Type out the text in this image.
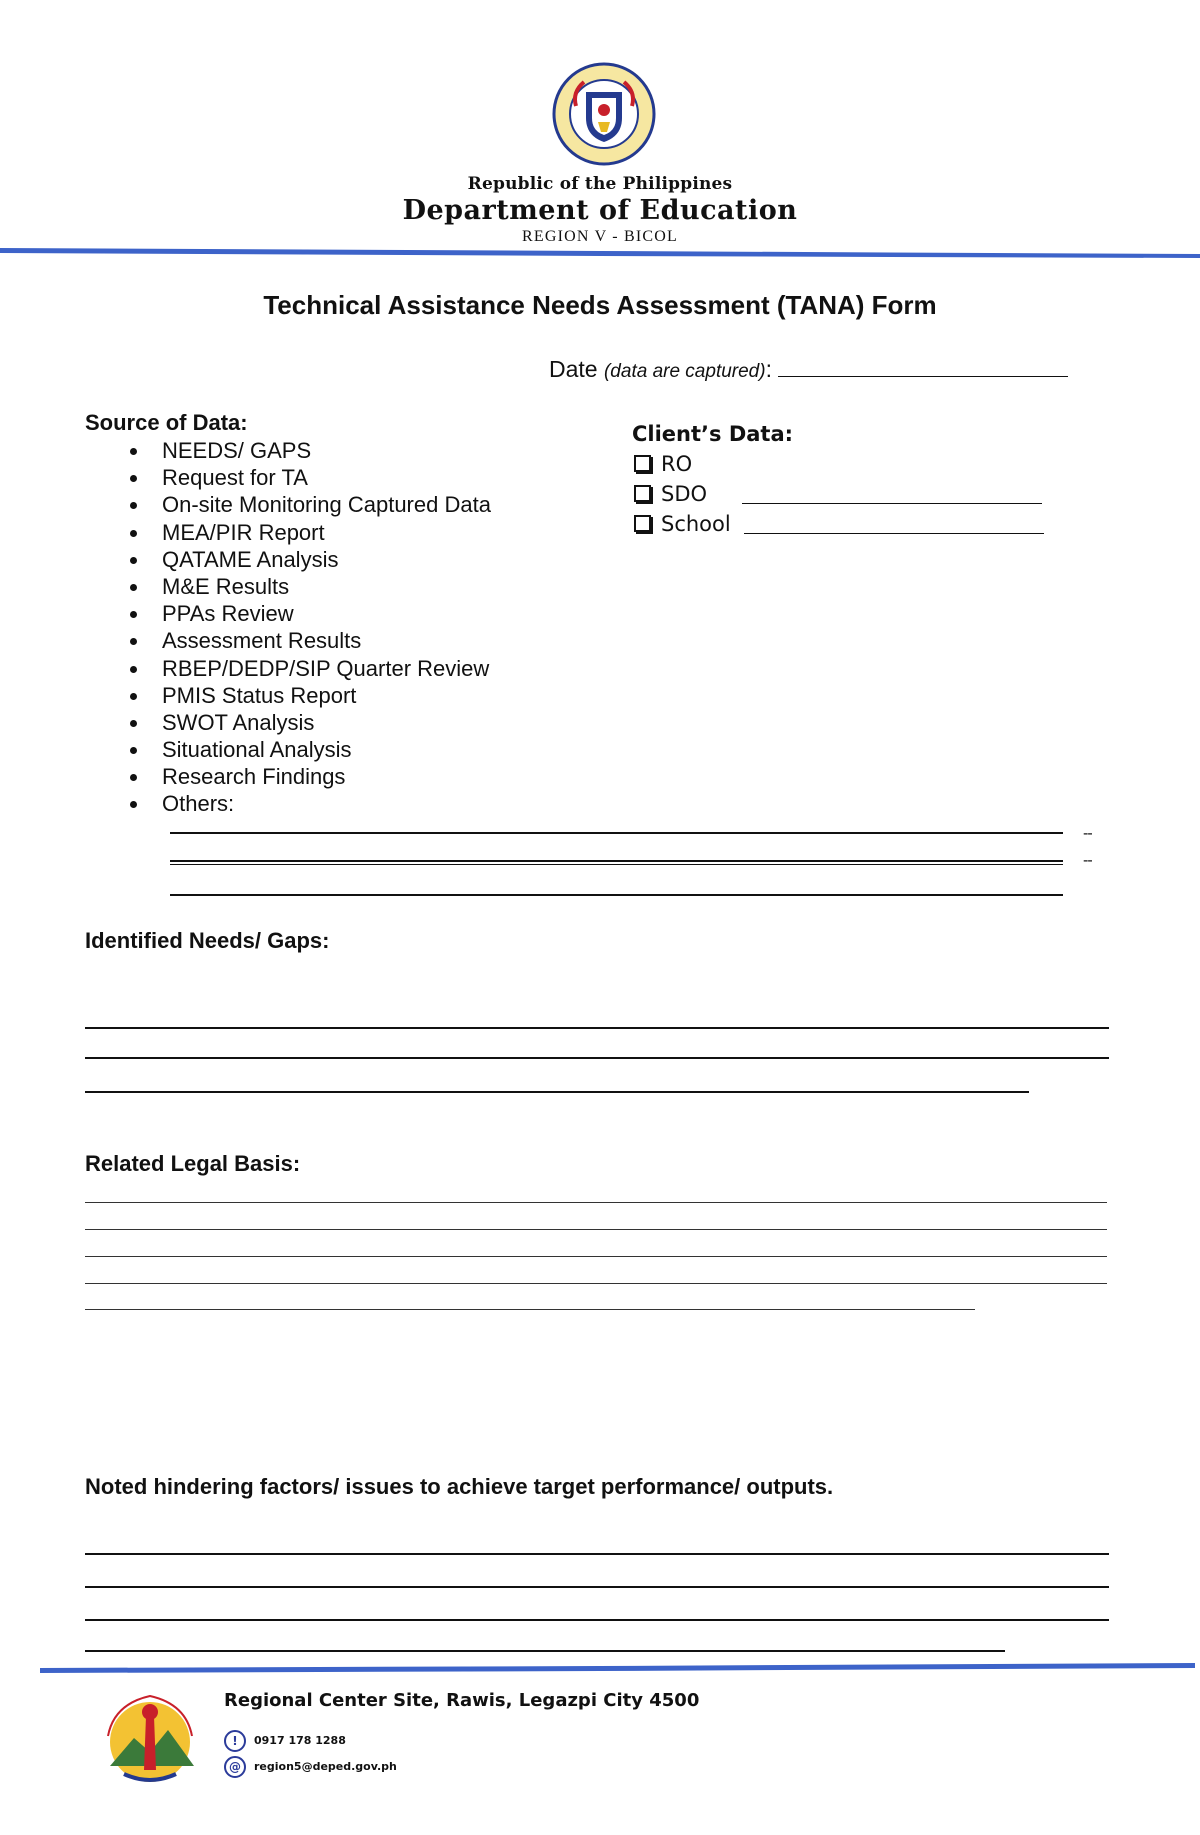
Republic of the Philippines
Department of Education
REGION V - BICOL
Technical Assistance Needs Assessment (TANA) Form
Date (data are captured):
Source of Data:
NEEDS/ GAPS
Request for TA
On-site Monitoring Captured Data
MEA/PIR Report
QATAME Analysis
M&E Results
PPAs Review
Assessment Results
RBEP/DEDP/SIP Quarter Review
PMIS Status Report
SWOT Analysis
Situational Analysis
Research Findings
Others:
--
--
Client’s Data:
RO
SDO
School
Identified Needs/ Gaps:
Related Legal Basis:
Noted hindering factors/ issues to achieve target performance/ outputs.
Regional Center Site, Rawis, Legazpi City 4500
! 0917 178 1288
@ region5@deped.gov.ph
